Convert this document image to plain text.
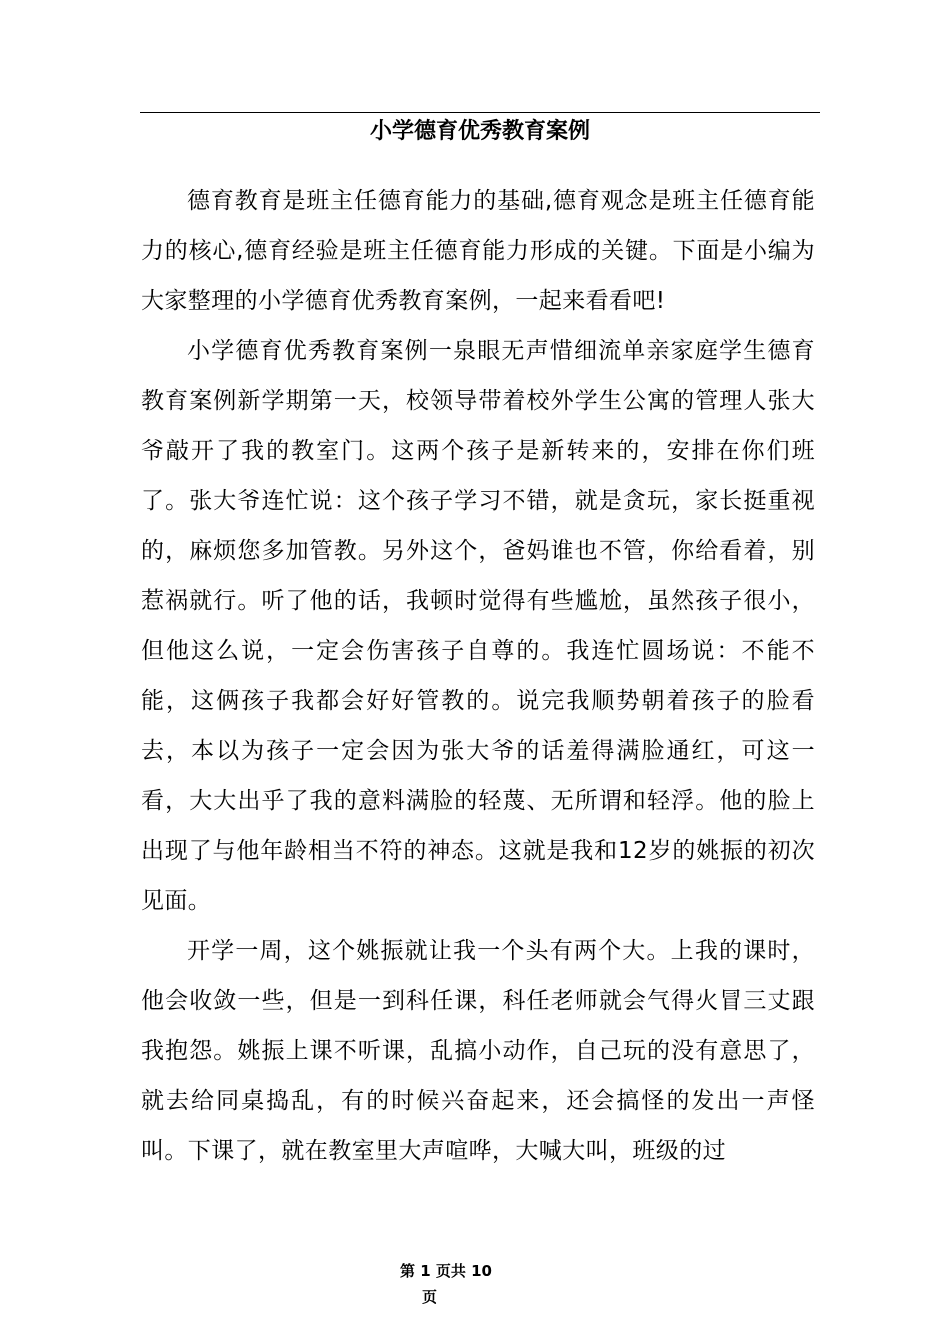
小学德育优秀教育案例

德育教育是班主任德育能力的基础,德育观念是班主任德育能力的核心,德育经验是班主任德育能力形成的关键。下面是小编为大家整理的小学德育优秀教育案例，一起来看看吧!

小学德育优秀教育案例一泉眼无声惜细流单亲家庭学生德育教育案例新学期第一天，校领导带着校外学生公寓的管理人张大爷敲开了我的教室门。这两个孩子是新转来的，安排在你们班了。张大爷连忙说：这个孩子学习不错，就是贪玩，家长挺重视的，麻烦您多加管教。另外这个，爸妈谁也不管，你给看着，别惹祸就行。听了他的话，我顿时觉得有些尴尬，虽然孩子很小，但他这么说，一定会伤害孩子自尊的。我连忙圆场说：不能不能，这俩孩子我都会好好管教的。说完我顺势朝着孩子的脸看去，本以为孩子一定会因为张大爷的话羞得满脸通红，可这一看，大大出乎了我的意料满脸的轻蔑、无所谓和轻浮。他的脸上出现了与他年龄相当不符的神态。这就是我和12岁的姚振的初次见面。

开学一周，这个姚振就让我一个头有两个大。上我的课时，他会收敛一些，但是一到科任课，科任老师就会气得火冒三丈跟我抱怨。姚振上课不听课，乱搞小动作，自己玩的没有意思了，就去给同桌捣乱，有的时候兴奋起来，还会搞怪的发出一声怪叫。下课了，就在教室里大声喧哗，大喊大叫，班级的过

第 1 页共 10
页
